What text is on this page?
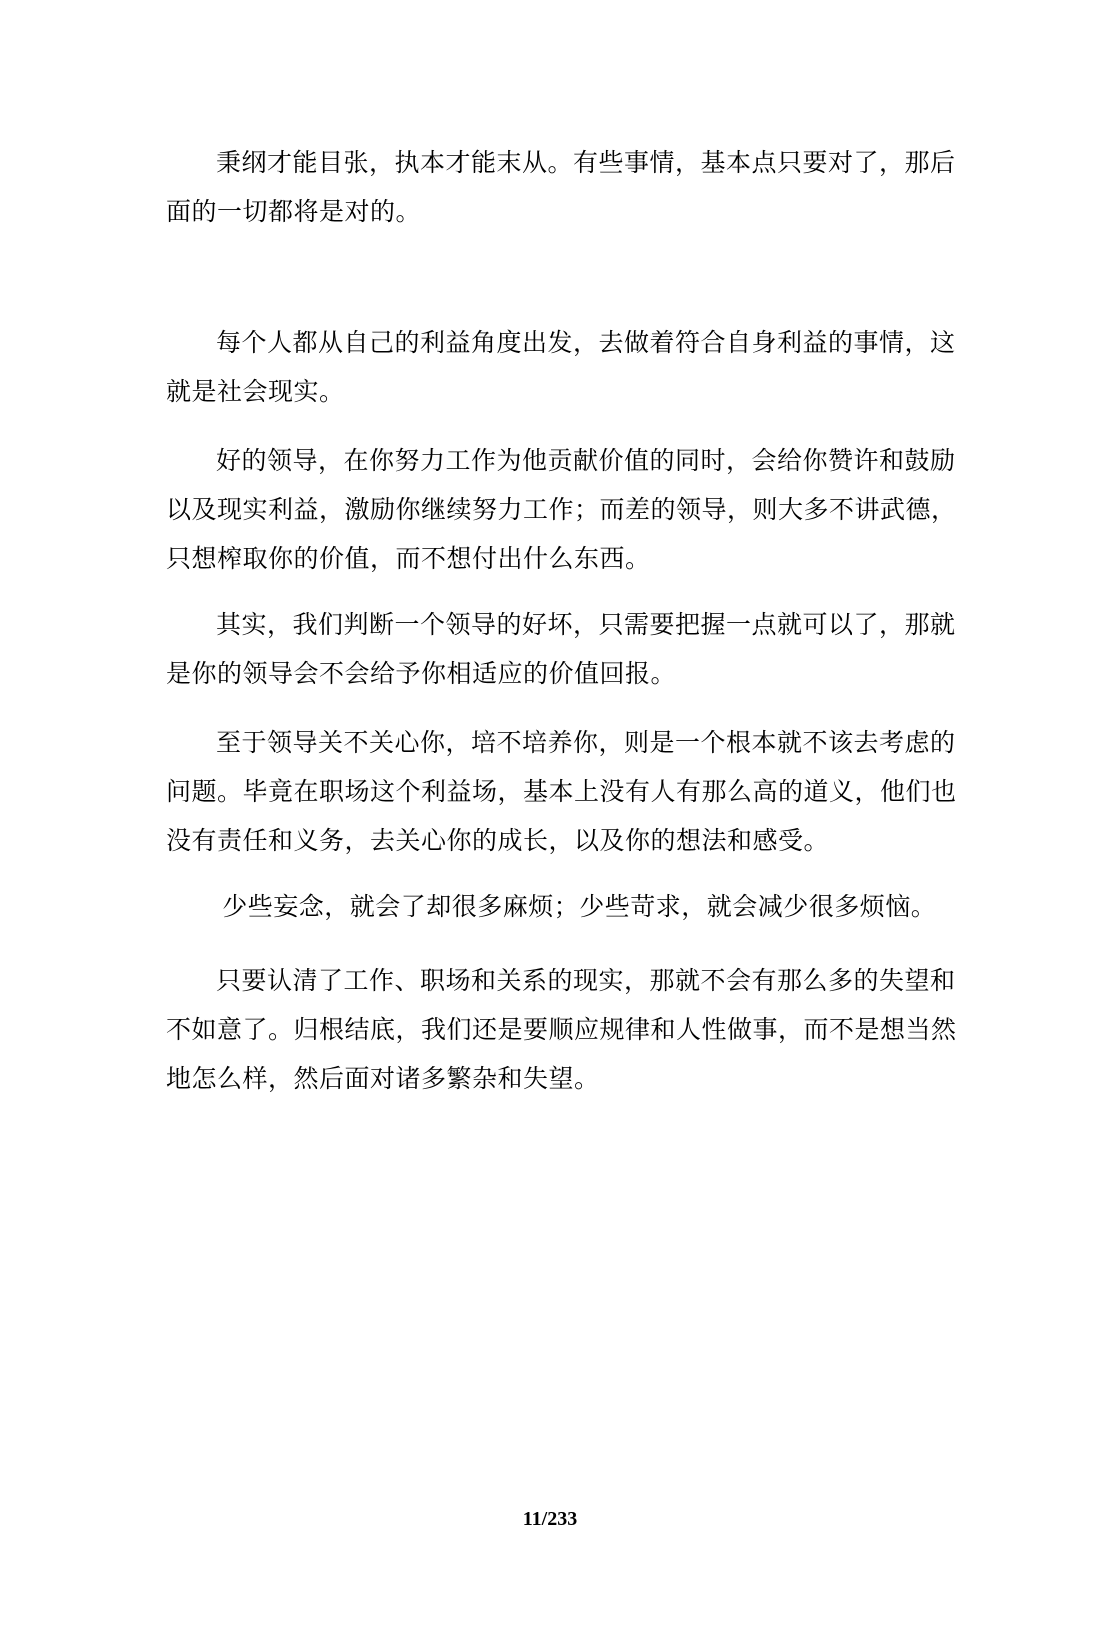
秉纲才能目张，执本才能末从。有些事情，基本点只要对了，那后面的一切都将是对的。

每个人都从自己的利益角度出发，去做着符合自身利益的事情，这就是社会现实。

好的领导，在你努力工作为他贡献价值的同时，会给你赞许和鼓励以及现实利益，激励你继续努力工作；而差的领导，则大多不讲武德，只想榨取你的价值，而不想付出什么东西。

其实，我们判断一个领导的好坏，只需要把握一点就可以了，那就是你的领导会不会给予你相适应的价值回报。

至于领导关不关心你，培不培养你，则是一个根本就不该去考虑的问题。毕竟在职场这个利益场，基本上没有人有那么高的道义，他们也没有责任和义务，去关心你的成长，以及你的想法和感受。

少些妄念，就会了却很多麻烦；少些苛求，就会减少很多烦恼。

只要认清了工作、职场和关系的现实，那就不会有那么多的失望和不如意了。归根结底，我们还是要顺应规律和人性做事，而不是想当然地怎么样，然后面对诸多繁杂和失望。

11/233
